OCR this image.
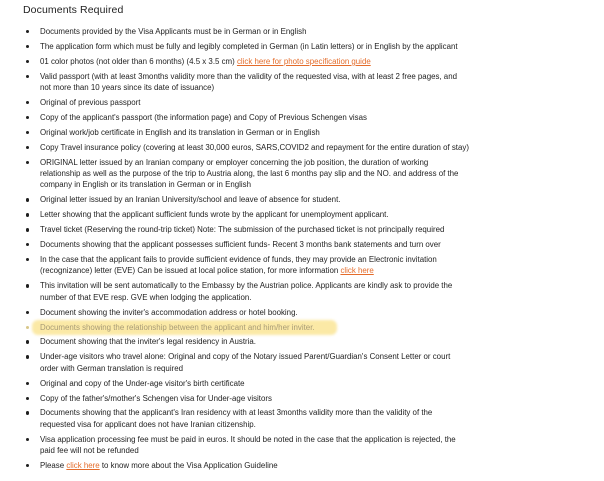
Documents Required
Documents provided by the Visa Applicants must be in German or in English
The application form which must be fully and legibly completed in German (in Latin letters) or in English by the applicant
01 color photos (not older than 6 months) (4.5 x 3.5 cm) click here for photo specification guide
Valid passport (with at least 3months validity more than the validity of the requested visa, with at least 2 free pages, and not more than 10 years since its date of issuance)
Original of previous passport
Copy of the applicant's passport (the information page) and Copy of Previous Schengen visas
Original work/job certificate in English and its translation in German or in English
Copy Travel insurance policy (covering at least 30,000 euros, SARS,COVID2 and repayment for the entire duration of stay)
ORIGINAL letter issued by an Iranian company or employer concerning the job position, the duration of working relationship as well as the purpose of the trip to Austria along, the last 6 months pay slip and the NO. and address of the company in English or its translation in German or in English
Original letter issued by an Iranian University/school and leave of absence for student.
Letter showing that the applicant sufficient funds wrote by the applicant for unemployment applicant.
Travel ticket (Reserving the round-trip ticket) Note: The submission of the purchased ticket is not principally required
Documents showing that the applicant possesses sufficient funds- Recent 3 months bank statements and turn over
In the case that the applicant fails to provide sufficient evidence of funds, they may provide an Electronic invitation (recognizance) letter (EVE) Can be issued at local police station, for more information click here
This invitation will be sent automatically to the Embassy by the Austrian police. Applicants are kindly ask to provide the number of that EVE resp. GVE when lodging the application.
Document showing the inviter's accommodation address or hotel booking.
Documents showing the relationship between the applicant and him/her inviter.
Document showing that the inviter's legal residency in Austria.
Under-age visitors who travel alone: Original and copy of the Notary issued Parent/Guardian's Consent Letter or court order with German translation is required
Original and copy of the Under-age visitor's birth certificate
Copy of the father's/mother's Schengen visa for Under-age visitors
Documents showing that the applicant's Iran residency with at least 3months validity more than the validity of the requested visa for applicant does not have Iranian citizenship.
Visa application processing fee must be paid in euros. It should be noted in the case that the application is rejected, the paid fee will not be refunded
Please click here to know more about the Visa Application Guideline
